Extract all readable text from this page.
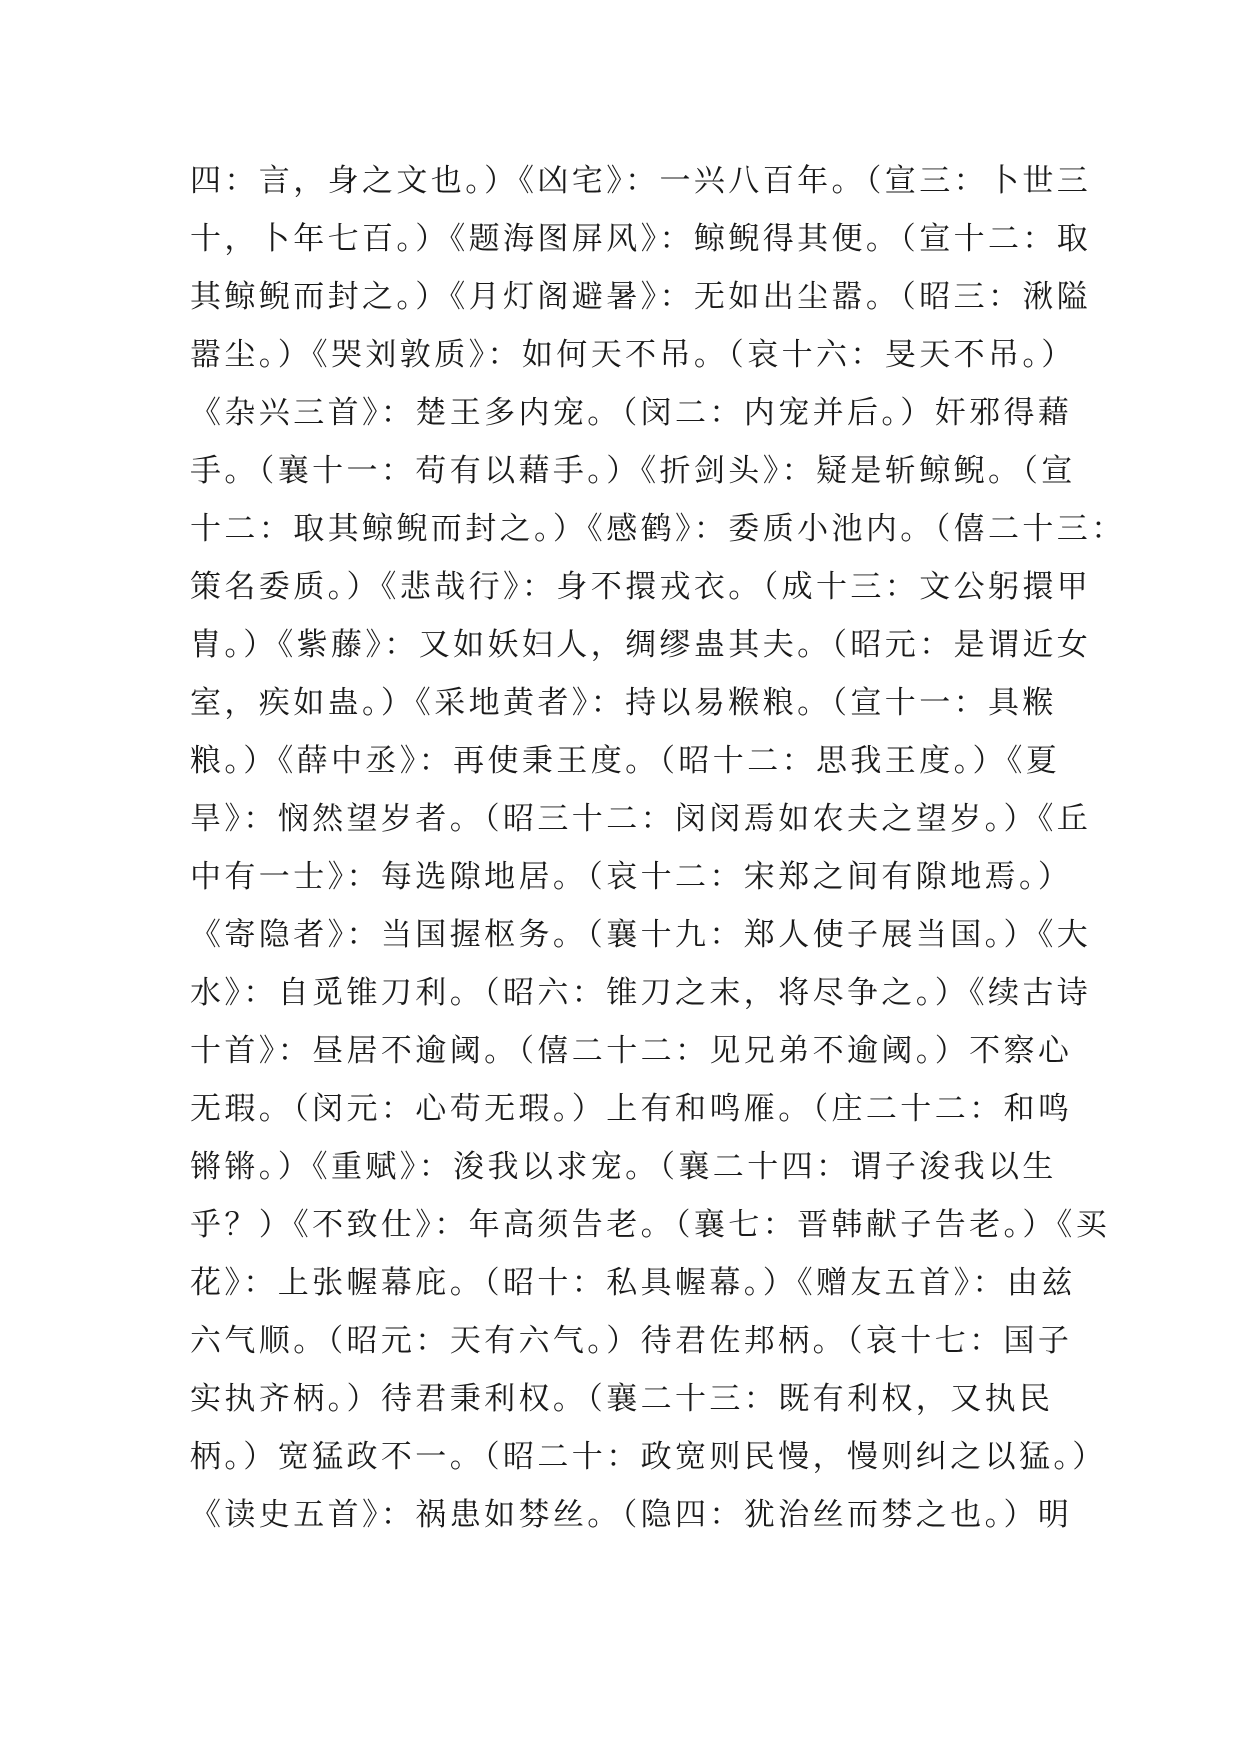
四：言，身之文也。）《凶宅》：一兴八百年。（宣三：卜世三
十，卜年七百。）《题海图屏风》：鲸鲵得其便。（宣十二：取
其鲸鲵而封之。）《月灯阁避暑》：无如出尘嚣。（昭三：湫隘
嚣尘。）《哭刘敦质》：如何天不吊。（哀十六：旻天不吊。）
《杂兴三首》：楚王多内宠。（闵二：内宠并后。）奸邪得藉
手。（襄十一：苟有以藉手。）《折剑头》：疑是斩鲸鲵。（宣
十二：取其鲸鲵而封之。）《感鹤》：委质小池内。（僖二十三：
策名委质。）《悲哉行》：身不擐戎衣。（成十三：文公躬擐甲
胄。）《紫藤》：又如妖妇人，绸缪蛊其夫。（昭元：是谓近女
室，疾如蛊。）《采地黄者》：持以易糇粮。（宣十一：具糇
粮。）《薛中丞》：再使秉王度。（昭十二：思我王度。）《夏
旱》：悯然望岁者。（昭三十二：闵闵焉如农夫之望岁。）《丘
中有一士》：每选隙地居。（哀十二：宋郑之间有隙地焉。）
《寄隐者》：当国握枢务。（襄十九：郑人使子展当国。）《大
水》：自觅锥刀利。（昭六：锥刀之末，将尽争之。）《续古诗
十首》：昼居不逾阈。（僖二十二：见兄弟不逾阈。）不察心
无瑕。（闵元：心苟无瑕。）上有和鸣雁。（庄二十二：和鸣
锵锵。）《重赋》：浚我以求宠。（襄二十四：谓子浚我以生
乎？）《不致仕》：年高须告老。（襄七：晋韩献子告老。）《买
花》：上张幄幕庇。（昭十：私具幄幕。）《赠友五首》：由兹
六气顺。（昭元：天有六气。）待君佐邦柄。（哀十七：国子
实执齐柄。）待君秉利权。（襄二十三：既有利权，又执民
柄。）宽猛政不一。（昭二十：政宽则民慢，慢则纠之以猛。）
《读史五首》：祸患如棼丝。（隐四：犹治丝而棼之也。）明
